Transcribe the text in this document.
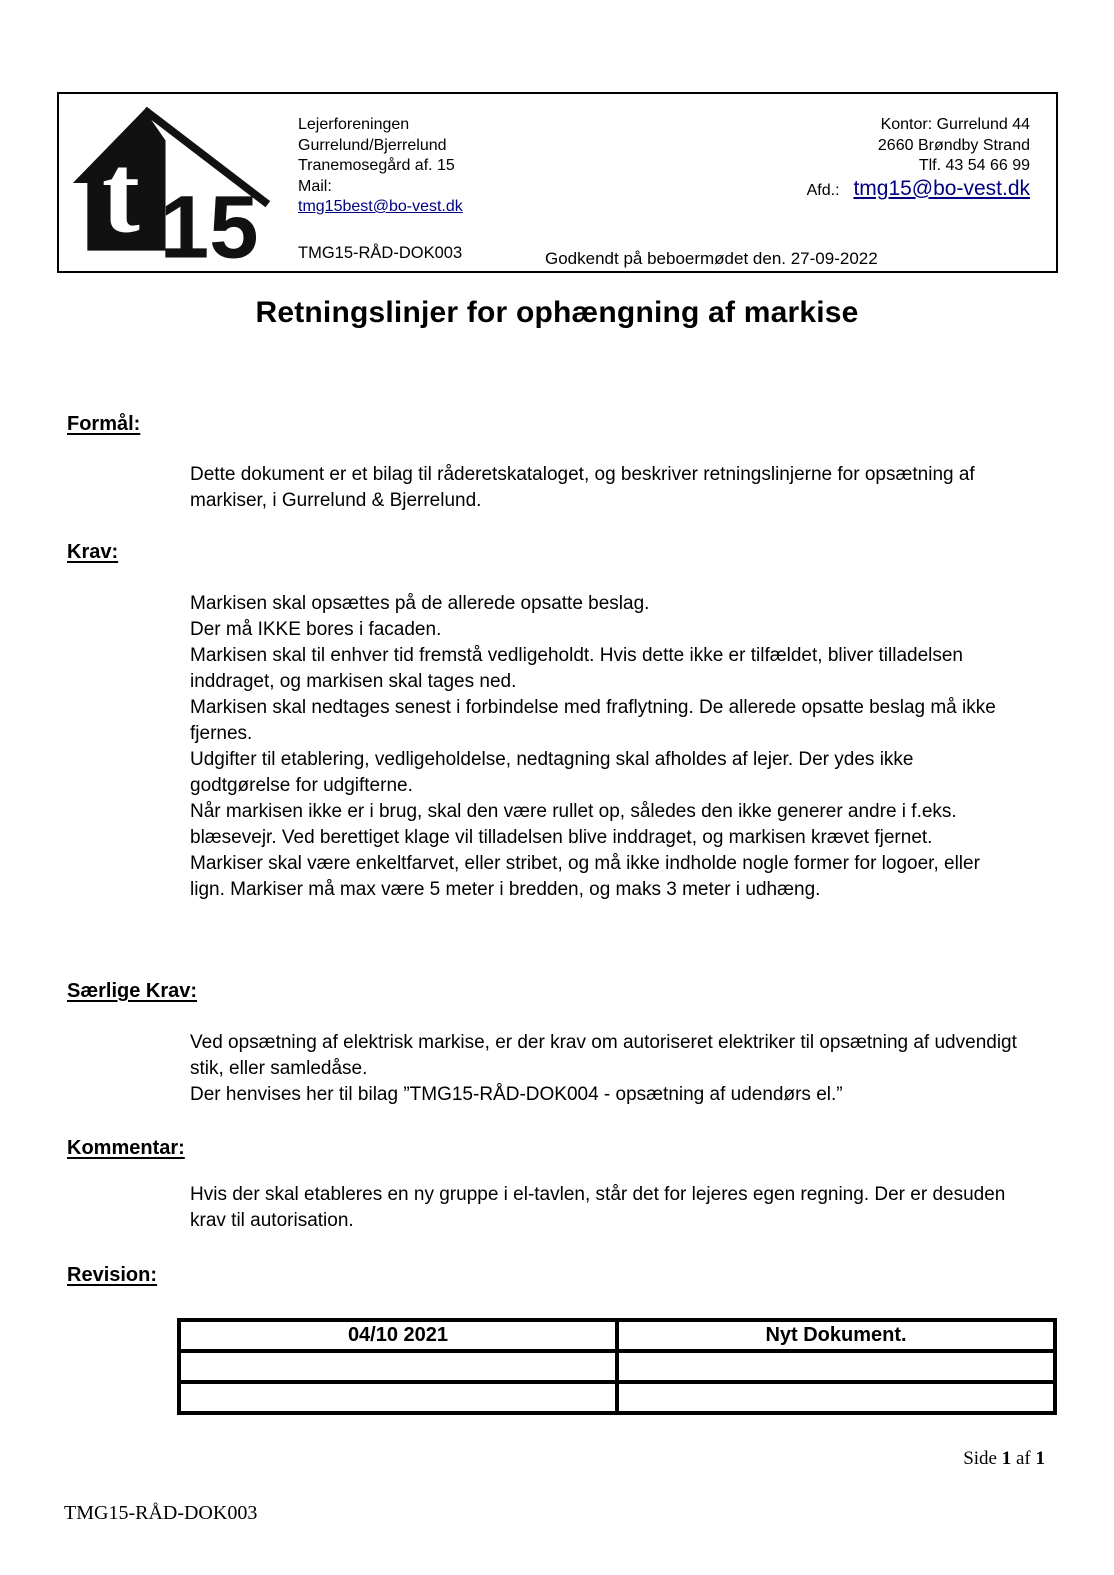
t 15
Lejerforeningen
Gurrelund/Bjerrelund
Tranemosegård af. 15
Mail:
tmg15best@bo-vest.dk
Kontor: Gurrelund 44
2660 Brøndby Strand
Tlf. 43 54 66 99
Afd.: tmg15@bo-vest.dk
TMG15-RÅD-DOK003	Godkendt på beboermødet den. 27-09-2022
Retningslinjer for ophængning af markise
Formål:

Dette dokument er et bilag til råderetskataloget, og beskriver retningslinjerne for opsætning af markiser, i Gurrelund & Bjerrelund.

Krav:

Markisen skal opsættes på de allerede opsatte beslag.

Der må IKKE bores i facaden.

Markisen skal til enhver tid fremstå vedligeholdt. Hvis dette ikke er tilfældet, bliver tilladelsen inddraget, og markisen skal tages ned.

Markisen skal nedtages senest i forbindelse med fraflytning. De allerede opsatte beslag må ikke fjernes.

Udgifter til etablering, vedligeholdelse, nedtagning skal afholdes af lejer. Der ydes ikke godtgørelse for udgifterne.

Når markisen ikke er i brug, skal den være rullet op, således den ikke generer andre i f.eks. blæsevejr. Ved berettiget klage vil tilladelsen blive inddraget, og markisen krævet fjernet.

Markiser skal være enkeltfarvet, eller stribet, og må ikke indholde nogle former for logoer, eller lign. Markiser må max være 5 meter i bredden, og maks 3 meter i udhæng.

Særlige Krav:

Ved opsætning af elektrisk markise, er der krav om autoriseret elektriker til opsætning af udvendigt stik, eller samledåse.

Der henvises her til bilag ”TMG15-RÅD-DOK004 - opsætning af udendørs el.”

Kommentar:

Hvis der skal etableres en ny gruppe i el-tavlen, står det for lejeres egen regning. Der er desuden krav til autorisation.

Revision:
04/10 2021	Nyt Dokument.

Side 1 af 1
TMG15-RÅD-DOK003
